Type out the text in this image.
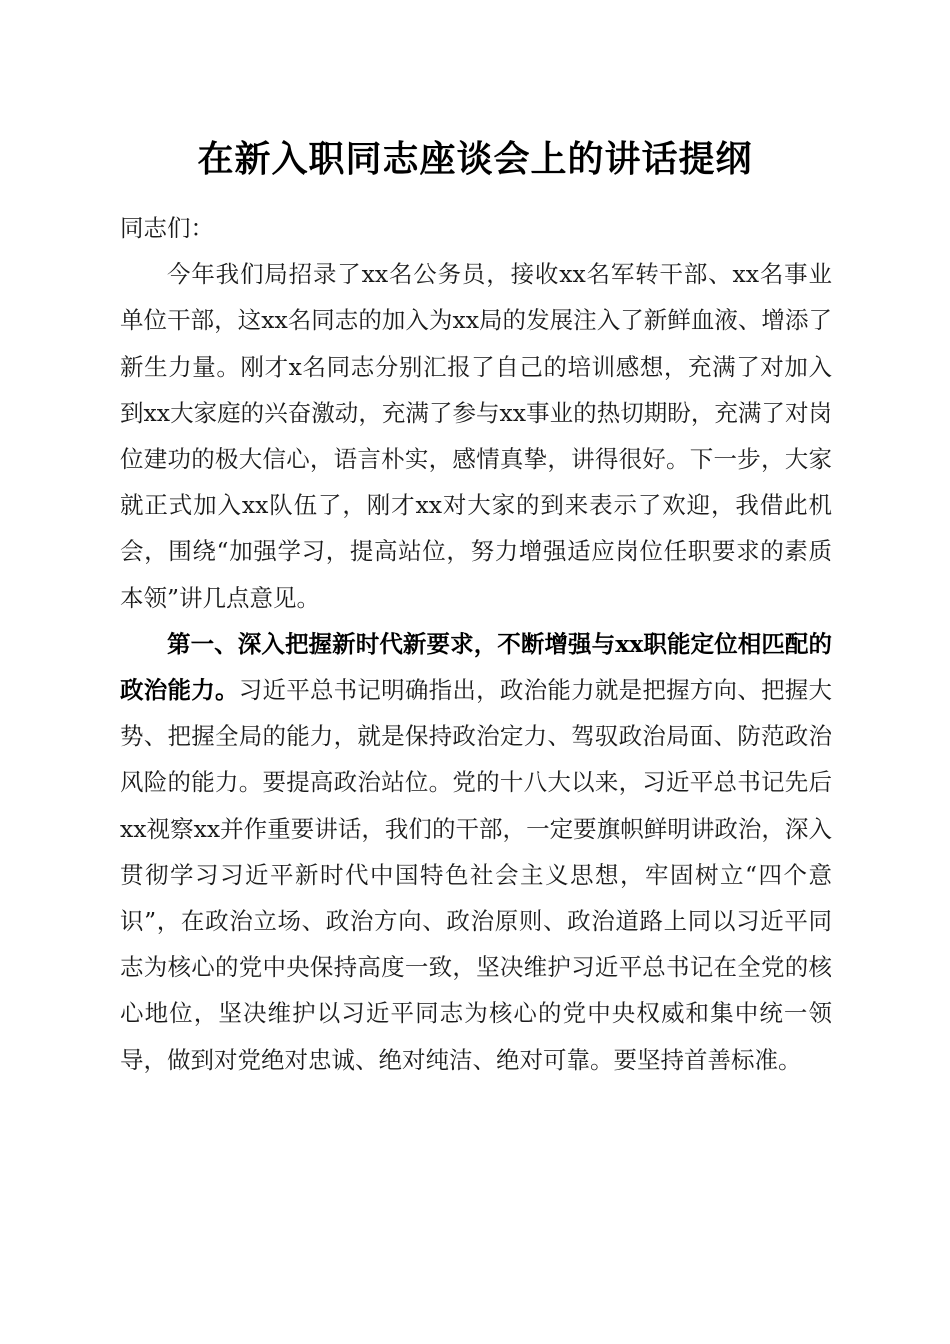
在新入职同志座谈会上的讲话提纲

同志们：

今年我们局招录了xx名公务员，接收xx名军转干部、xx名事业单位干部，这xx名同志的加入为xx局的发展注入了新鲜血液、增添了新生力量。刚才x名同志分别汇报了自己的培训感想，充满了对加入到xx大家庭的兴奋激动，充满了参与xx事业的热切期盼，充满了对岗位建功的极大信心，语言朴实，感情真挚，讲得很好。下一步，大家就正式加入xx队伍了，刚才xx对大家的到来表示了欢迎，我借此机会，围绕“加强学习，提高站位，努力增强适应岗位任职要求的素质本领”讲几点意见。

第一、深入把握新时代新要求，不断增强与xx职能定位相匹配的政治能力。习近平总书记明确指出，政治能力就是把握方向、把握大势、把握全局的能力，就是保持政治定力、驾驭政治局面、防范政治风险的能力。要提高政治站位。党的十八大以来，习近平总书记先后xx视察xx并作重要讲话，我们的干部，一定要旗帜鲜明讲政治，深入贯彻学习习近平新时代中国特色社会主义思想，牢固树立“四个意识”，在政治立场、政治方向、政治原则、政治道路上同以习近平同志为核心的党中央保持高度一致，坚决维护习近平总书记在全党的核心地位，坚决维护以习近平同志为核心的党中央权威和集中统一领导，做到对党绝对忠诚、绝对纯洁、绝对可靠。要坚持首善标准。
